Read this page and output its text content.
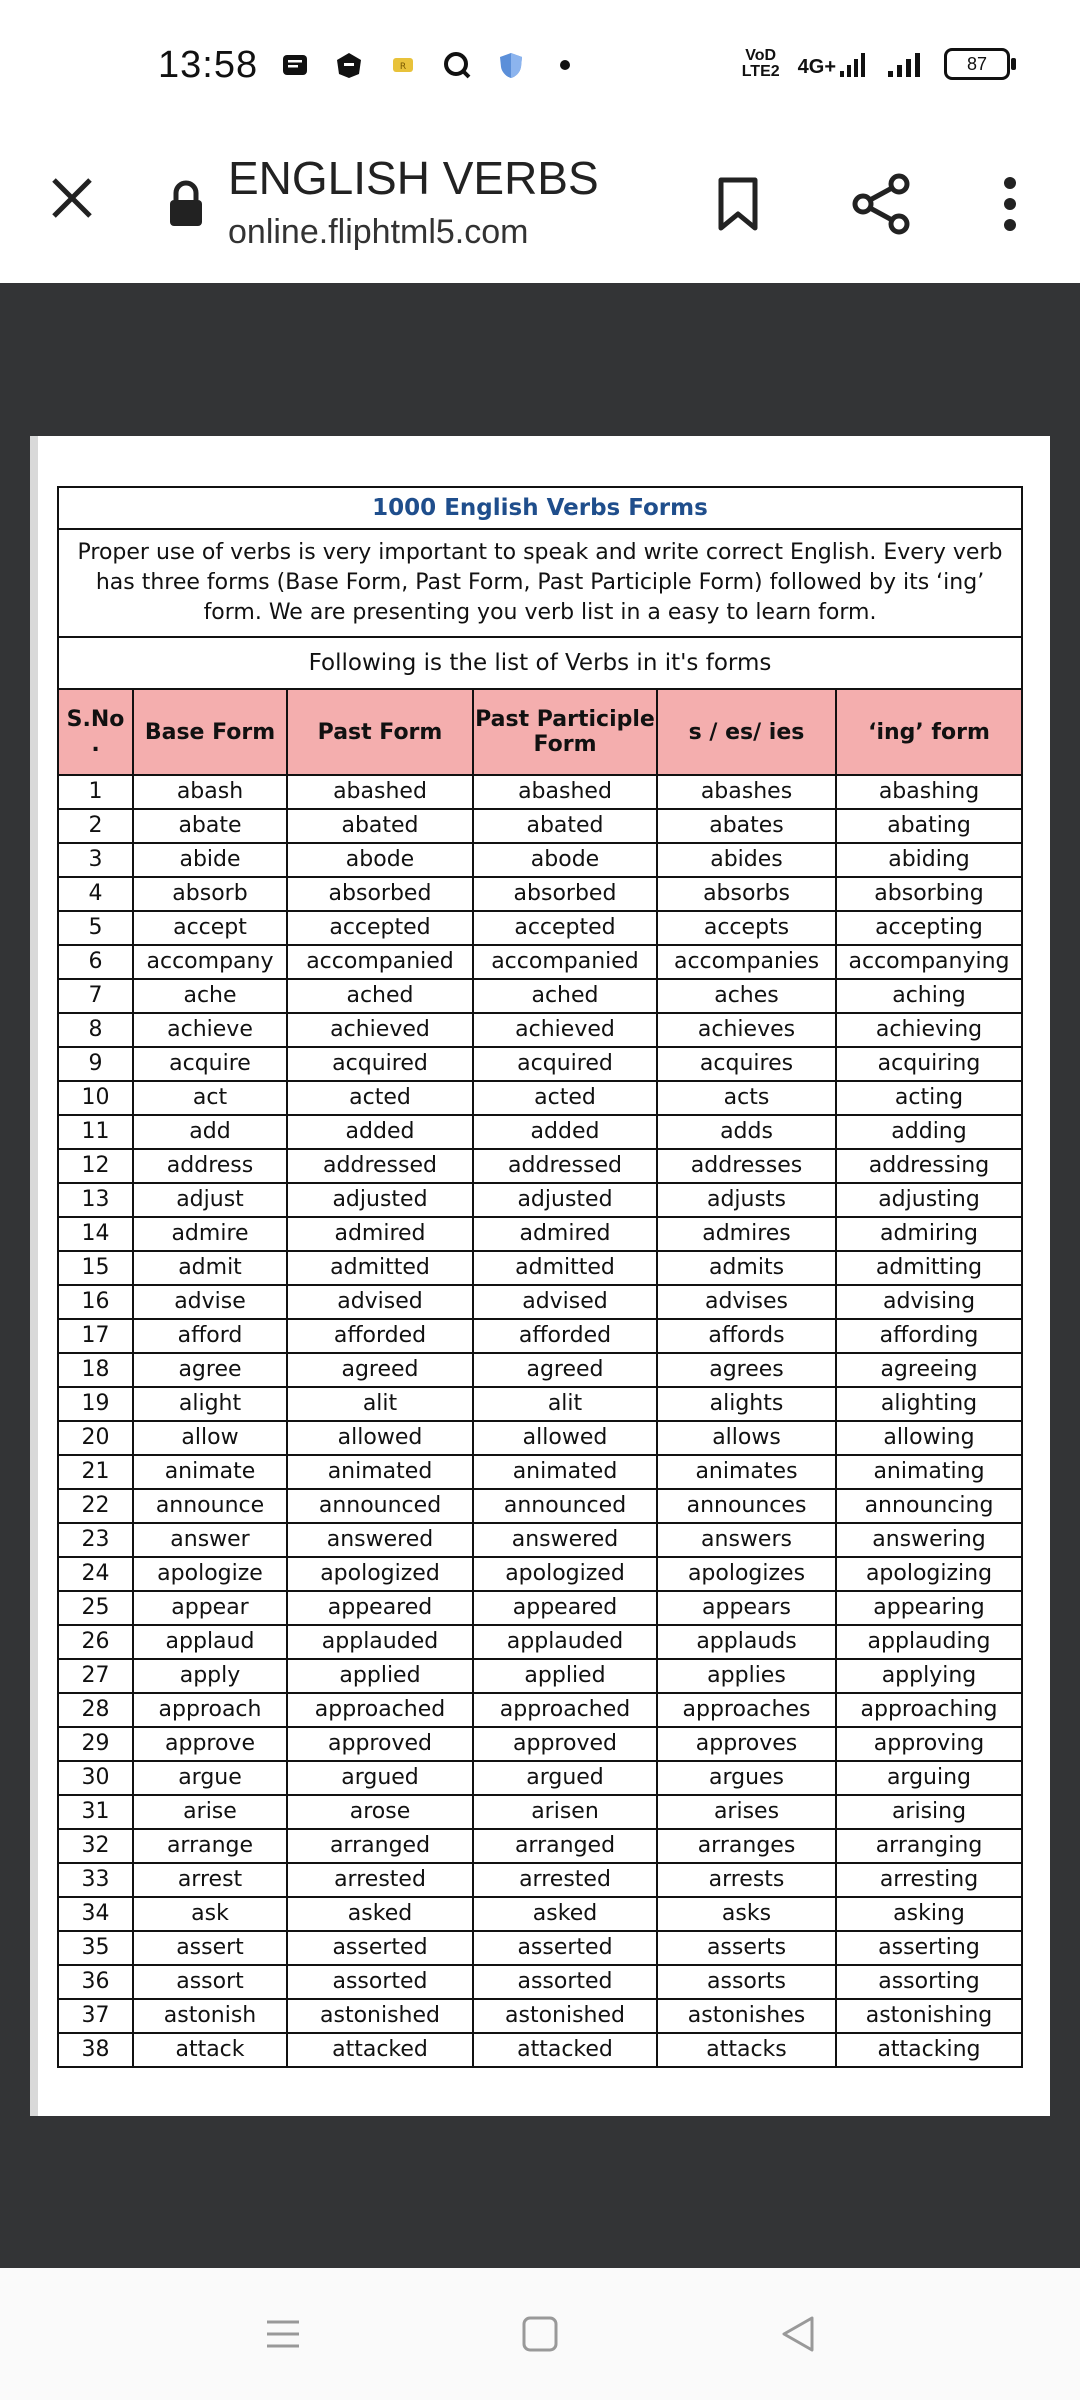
13:58	R
VoD
LTE2 4G+	87
ENGLISH VERBS
online.fliphtml5.com
1000 English Verbs Forms
Proper use of verbs is very important to speak and write correct English. Every verb has three forms (Base Form, Past Form, Past Participle Form) followed by its ‘ing’ form. We are presenting you verb list in a easy to learn form.
Following is the list of Verbs in it's forms
S.No .	Base Form	Past Form	Past Participle Form	s / es/ ies	‘ing’ form
1	abash	abashed	abashed	abashes	abashing
2	abate	abated	abated	abates	abating
3	abide	abode	abode	abides	abiding
4	absorb	absorbed	absorbed	absorbs	absorbing
5	accept	accepted	accepted	accepts	accepting
6	accompany	accompanied	accompanied	accompanies	accompanying
7	ache	ached	ached	aches	aching
8	achieve	achieved	achieved	achieves	achieving
9	acquire	acquired	acquired	acquires	acquiring
10	act	acted	acted	acts	acting
11	add	added	added	adds	adding
12	address	addressed	addressed	addresses	addressing
13	adjust	adjusted	adjusted	adjusts	adjusting
14	admire	admired	admired	admires	admiring
15	admit	admitted	admitted	admits	admitting
16	advise	advised	advised	advises	advising
17	afford	afforded	afforded	affords	affording
18	agree	agreed	agreed	agrees	agreeing
19	alight	alit	alit	alights	alighting
20	allow	allowed	allowed	allows	allowing
21	animate	animated	animated	animates	animating
22	announce	announced	announced	announces	announcing
23	answer	answered	answered	answers	answering
24	apologize	apologized	apologized	apologizes	apologizing
25	appear	appeared	appeared	appears	appearing
26	applaud	applauded	applauded	applauds	applauding
27	apply	applied	applied	applies	applying
28	approach	approached	approached	approaches	approaching
29	approve	approved	approved	approves	approving
30	argue	argued	argued	argues	arguing
31	arise	arose	arisen	arises	arising
32	arrange	arranged	arranged	arranges	arranging
33	arrest	arrested	arrested	arrests	arresting
34	ask	asked	asked	asks	asking
35	assert	asserted	asserted	asserts	asserting
36	assort	assorted	assorted	assorts	assorting
37	astonish	astonished	astonished	astonishes	astonishing
38	attack	attacked	attacked	attacks	attacking
